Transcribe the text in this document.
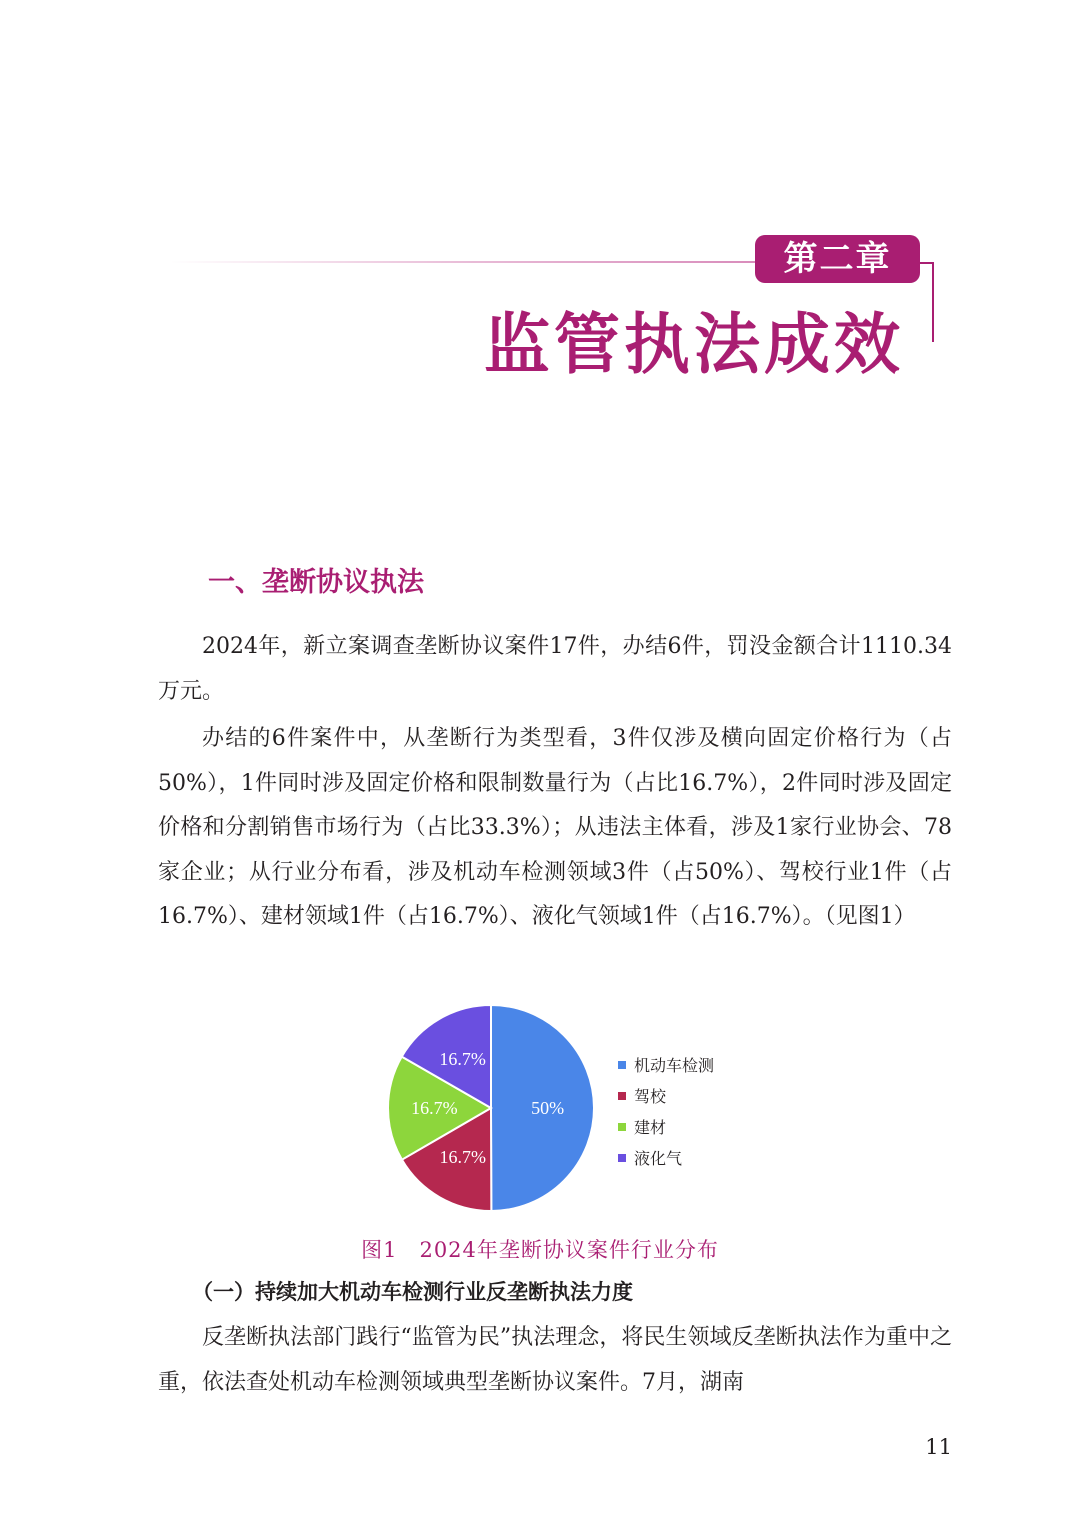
第二章
监管执法成效
一、垄断协议执法

2024年，新立案调查垄断协议案件17件，办结6件，罚没金额合计1110.34万元。

办结的6件案件中，从垄断行为类型看，3件仅涉及横向固定价格行为（占50%），1件同时涉及固定价格和限制数量行为（占比16.7%），2件同时涉及固定价格和分割销售市场行为（占比33.3%）；从违法主体看，涉及1家行业协会、78家企业；从行业分布看，涉及机动车检测领域3件（占50%）、驾校行业1件（占16.7%）、建材领域1件（占16.7%）、液化气领域1件（占16.7%）。（见图1）

50%
16.7%
16.7%
16.7%	机动车检测
驾校
建材
液化气
图1　2024年垄断协议案件行业分布
（一）持续加大机动车检测行业反垄断执法力度

反垄断执法部门践行“监管为民”执法理念，将民生领域反垄断执法作为重中之重，依法查处机动车检测领域典型垄断协议案件。7月，湖南

11
